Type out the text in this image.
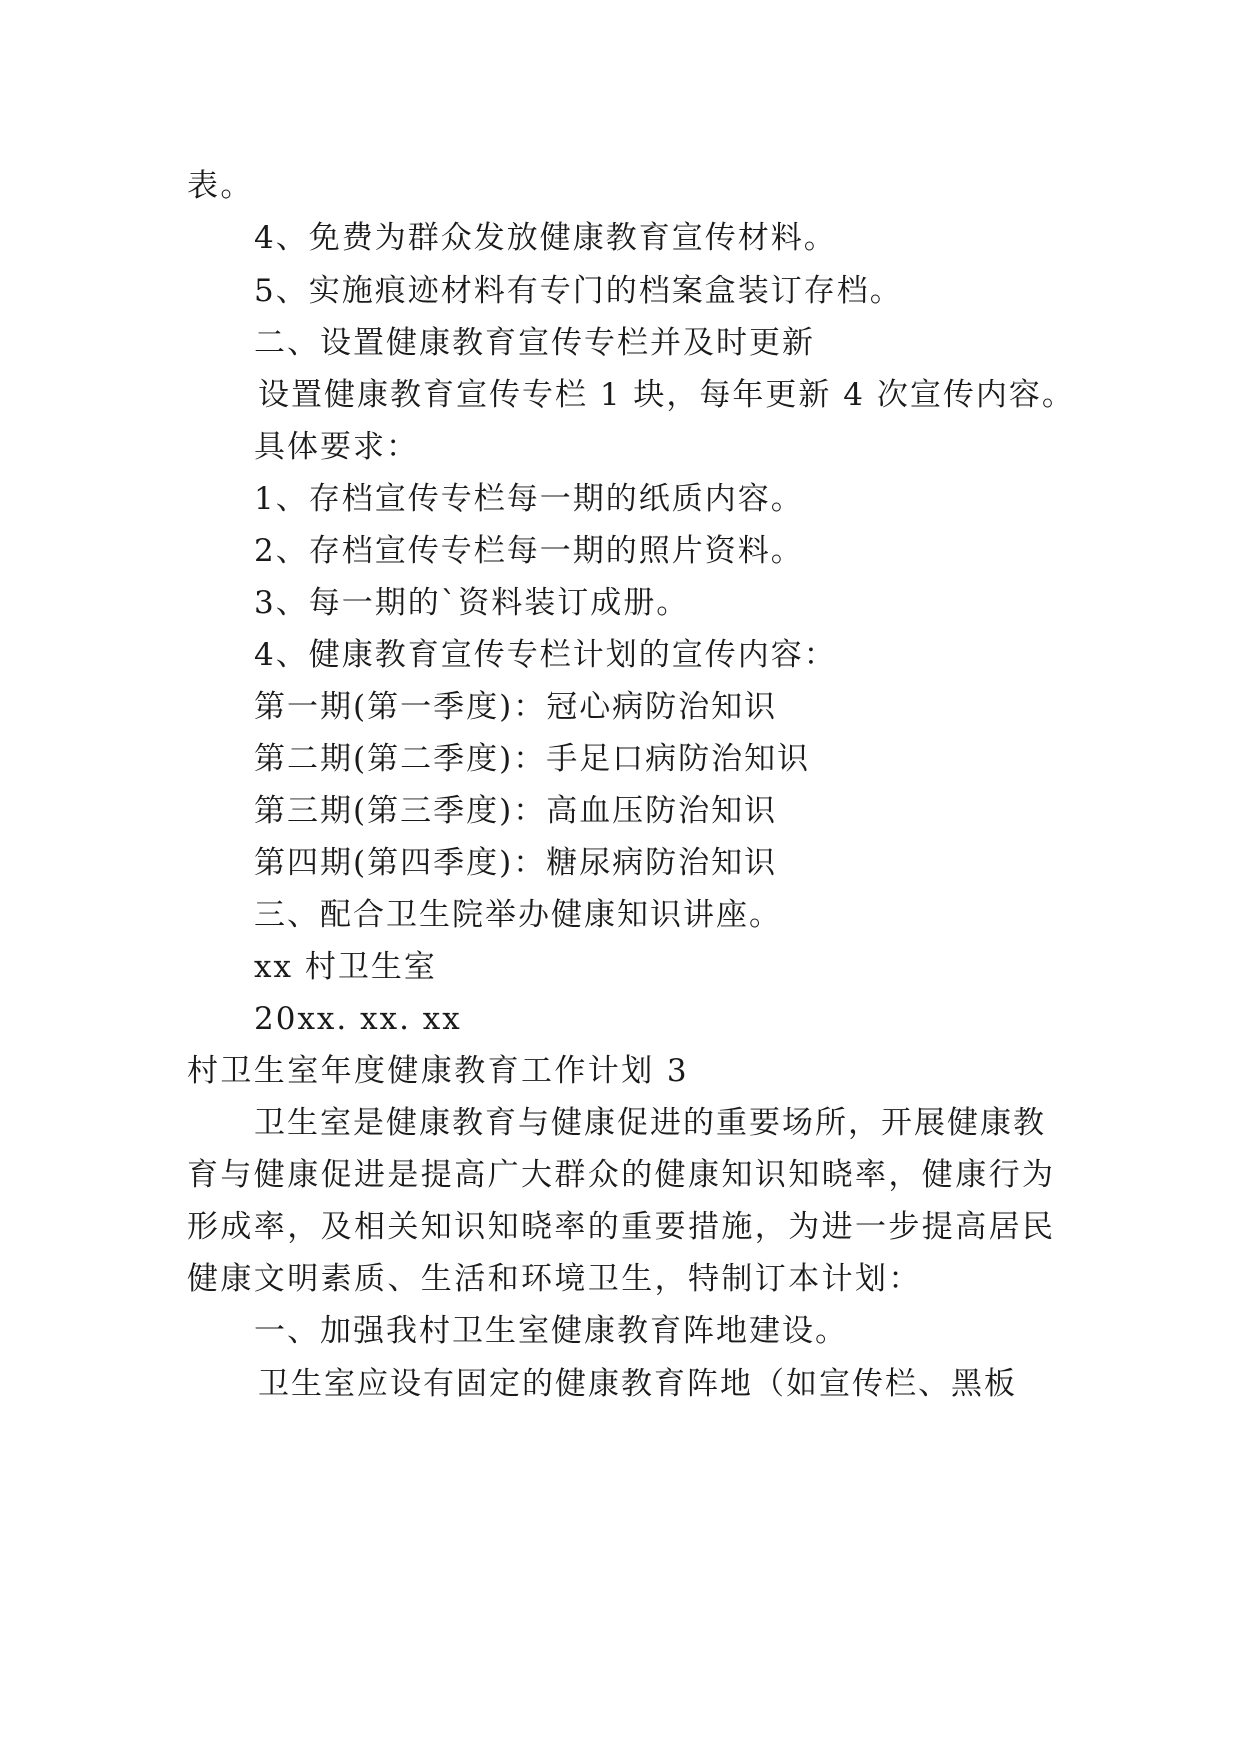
表。
4、免费为群众发放健康教育宣传材料。
5、实施痕迹材料有专门的档案盒装订存档。
二、设置健康教育宣传专栏并及时更新
设置健康教育宣传专栏 1 块，每年更新 4 次宣传内容。
具体要求：
1、存档宣传专栏每一期的纸质内容。
2、存档宣传专栏每一期的照片资料。
3、每一期的`资料装订成册。
4、健康教育宣传专栏计划的宣传内容：
第一期(第一季度)：冠心病防治知识
第二期(第二季度)：手足口病防治知识
第三期(第三季度)：高血压防治知识
第四期(第四季度)：糖尿病防治知识
三、配合卫生院举办健康知识讲座。
xx 村卫生室
20xx. xx. xx
村卫生室年度健康教育工作计划 3
卫生室是健康教育与健康促进的重要场所，开展健康教
育与健康促进是提高广大群众的健康知识知晓率，健康行为
形成率，及相关知识知晓率的重要措施，为进一步提高居民
健康文明素质、生活和环境卫生，特制订本计划：
一、加强我村卫生室健康教育阵地建设。
卫生室应设有固定的健康教育阵地（如宣传栏、黑板
